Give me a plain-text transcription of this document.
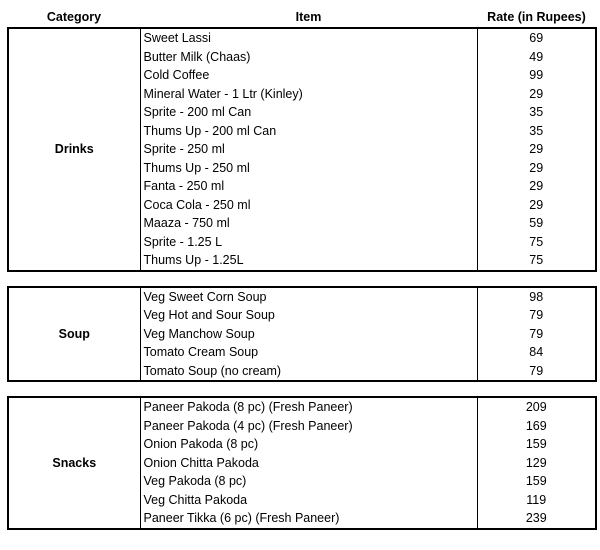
Category	Item	Rate (in Rupees)
Drinks	Sweet Lassi	69
	Butter Milk (Chaas)	49
	Cold Coffee	99
	Mineral Water - 1 Ltr (Kinley)	29
	Sprite - 200 ml Can	35
	Thums Up - 200 ml Can	35
	Sprite - 250 ml	29
	Thums Up - 250 ml	29
	Fanta - 250 ml	29
	Coca Cola - 250 ml	29
	Maaza - 750 ml	59
	Sprite - 1.25 L	75
	Thums Up - 1.25L	75

Soup	Veg Sweet Corn Soup	98
	Veg Hot and Sour Soup	79
	Veg Manchow Soup	79
	Tomato Cream Soup	84
	Tomato Soup (no cream)	79

Snacks	Paneer Pakoda (8 pc) (Fresh Paneer)	209
	Paneer Pakoda (4 pc) (Fresh Paneer)	169
	Onion Pakoda (8 pc)	159
	Onion Chitta Pakoda	129
	Veg Pakoda (8 pc)	159
	Veg Chitta Pakoda	119
	Paneer Tikka (6 pc) (Fresh Paneer)	239
